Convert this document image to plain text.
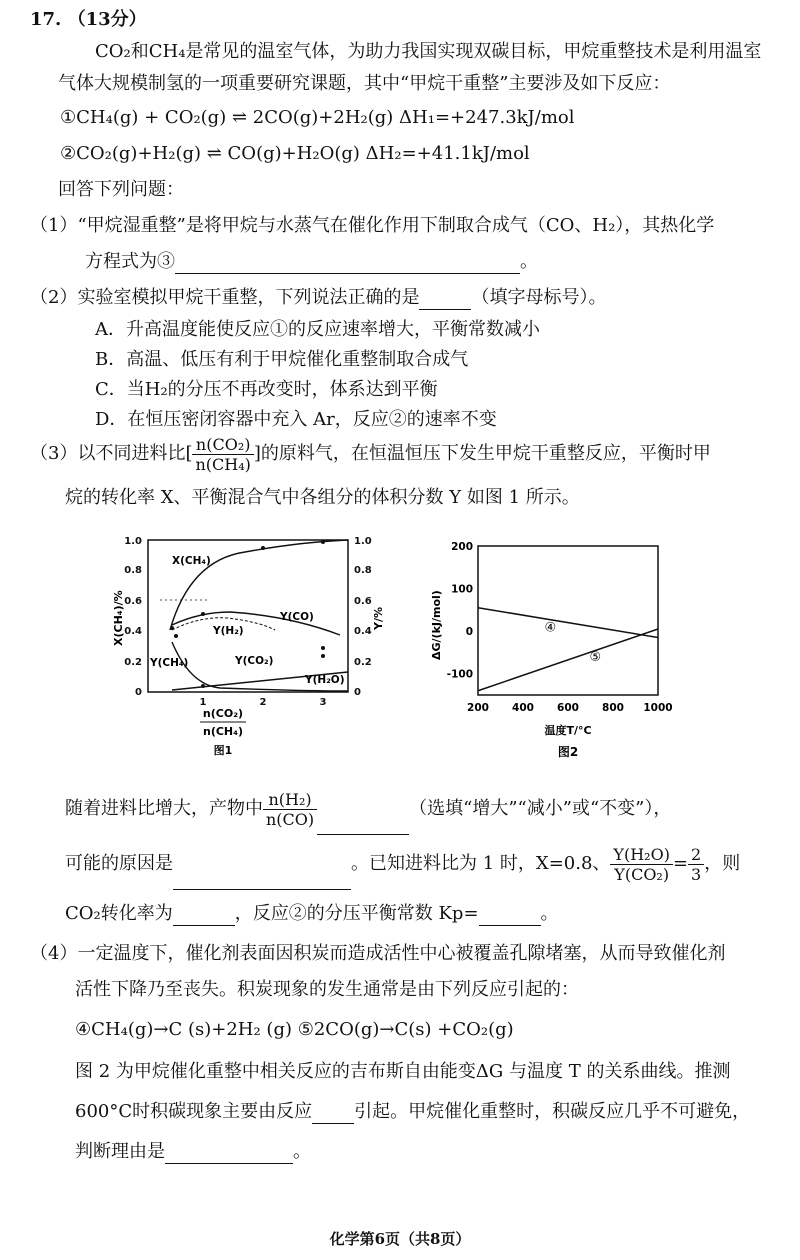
17. （13分）
CO₂和CH₄是常见的温室气体，为助力我国实现双碳目标，甲烷重整技术是利用温室
气体大规模制氢的一项重要研究课题，其中“甲烷干重整”主要涉及如下反应：
①CH₄(g) + CO₂(g) ⇌ 2CO(g)+2H₂(g) ΔH₁=+247.3kJ/mol
②CO₂(g)+H₂(g) ⇌ CO(g)+H₂O(g) ΔH₂=+41.1kJ/mol
回答下列问题：
（1）“甲烷湿重整”是将甲烷与水蒸气在催化作用下制取合成气（CO、H₂），其热化学
方程式为③	。
（2）实验室模拟甲烷干重整，下列说法正确的是	（填字母标号）。
A．升高温度能使反应①的反应速率增大，平衡常数减小
B．高温、低压有利于甲烷催化重整制取合成气
C．当H₂的分压不再改变时，体系达到平衡
D．在恒压密闭容器中充入 Ar，反应②的速率不变
（3）以不同进料比[ $\frac{\text{n(CO₂)}}{\text{n(CH₄)}}$ ]的原料气，在恒温恒压下发生甲烷干重整反应，平衡时甲
烷的转化率 X、平衡混合气中各组分的体积分数 Y 如图 1 所示。
0
0.2
0.4
0.6
0.8
1.0
0
0.2
0.4
0.6
0.8
1.0
1	2	3
X(CH₄)/%	Y/%
X(CH₄)
Y(CO)
Y(H₂)
Y(CH₄)	Y(CO₂)
Y(H₂O)
n(CO₂)
n(CH₄)
图1
200 400 600 800 1000
200
100
0
-100
④
⑤
ΔG/(kJ/mol)
温度T/°C
图2
随着进料比增大，产物中 $\frac{\text{n(H₂)}}{n(CO)}$	（选填“增大”“减小”或“不变”），
可能的原因是	。已知进料比为 1 时，X=0.8、 $\frac{\text{Y(H₂O)}}{\text{Y(CO₂)}} = \frac{2}{3}$ ，则
CO₂转化率为	，反应②的分压平衡常数 Kp=	。
（4）一定温度下，催化剂表面因积炭而造成活性中心被覆盖孔隙堵塞，从而导致催化剂
活性下降乃至丧失。积炭现象的发生通常是由下列反应引起的：
④CH₄(g)→C (s)+2H₂ (g) ⑤2CO(g)→C(s) +CO₂(g)
图 2 为甲烷催化重整中相关反应的吉布斯自由能变ΔG 与温度 T 的关系曲线。推测
600°C时积碳现象主要由反应 引起。甲烷催化重整时，积碳反应几乎不可避免，
判断理由是	。
化学第6页（共8页）
